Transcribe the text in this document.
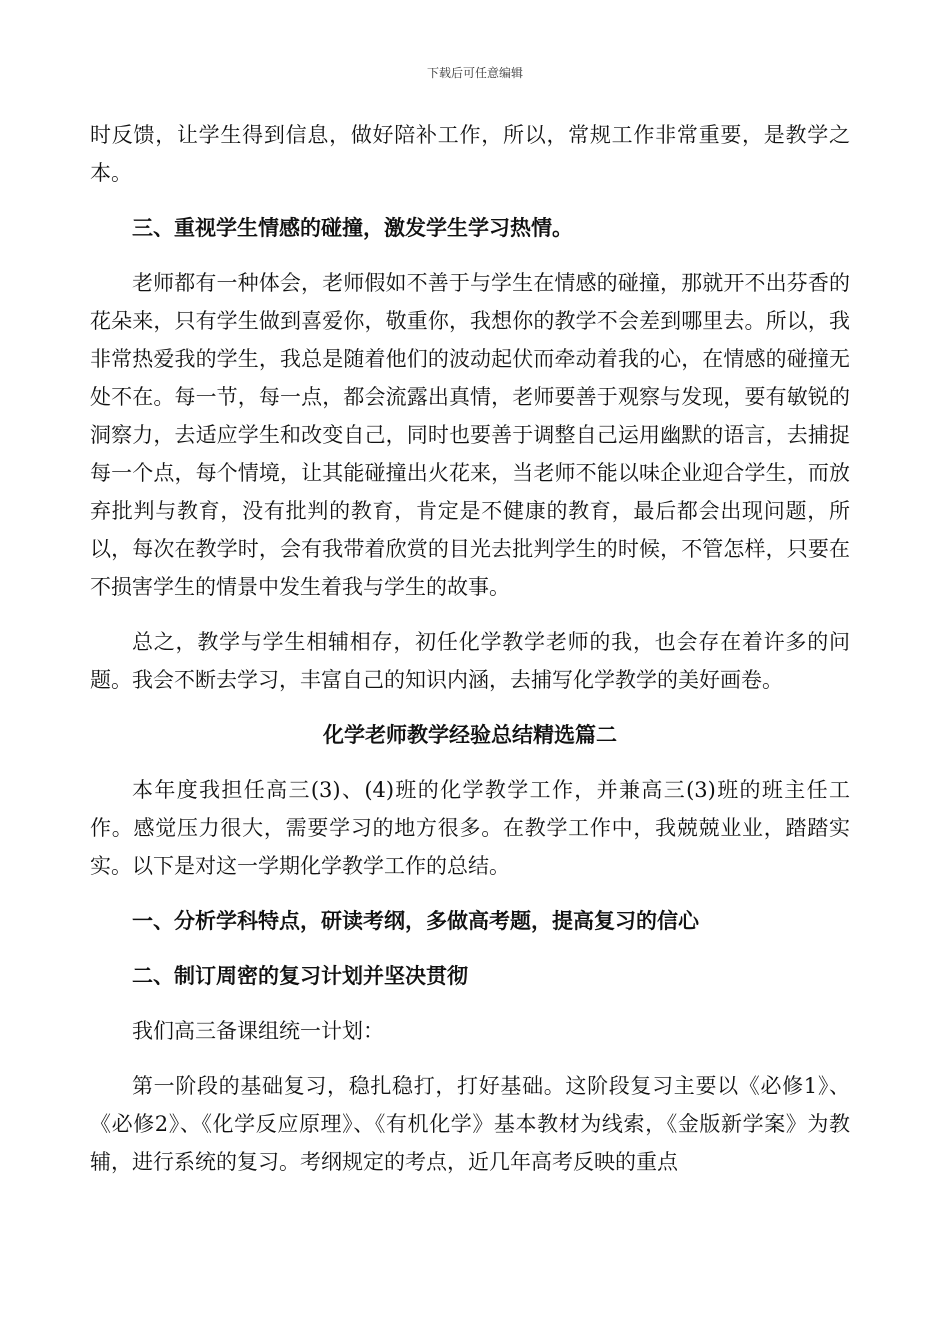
下载后可任意编辑

时反馈，让学生得到信息，做好陪补工作，所以，常规工作非常重要，是教学之本。

三、重视学生情感的碰撞，激发学生学习热情。

老师都有一种体会，老师假如不善于与学生在情感的碰撞，那就开不出芬香的花朵来，只有学生做到喜爱你，敬重你，我想你的教学不会差到哪里去。所以，我非常热爱我的学生，我总是随着他们的波动起伏而牵动着我的心，在情感的碰撞无处不在。每一节，每一点，都会流露出真情，老师要善于观察与发现，要有敏锐的洞察力，去适应学生和改变自己，同时也要善于调整自己运用幽默的语言，去捕捉每一个点，每个情境，让其能碰撞出火花来，当老师不能以味企业迎合学生，而放弃批判与教育，没有批判的教育，肯定是不健康的教育，最后都会出现问题，所以，每次在教学时，会有我带着欣赏的目光去批判学生的时候，不管怎样，只要在不损害学生的情景中发生着我与学生的故事。

总之，教学与学生相辅相存，初任化学教学老师的我，也会存在着许多的问题。我会不断去学习，丰富自己的知识内涵，去捕写化学教学的美好画卷。

化学老师教学经验总结精选篇二

本年度我担任高三(3)、(4)班的化学教学工作，并兼高三(3)班的班主任工作。感觉压力很大，需要学习的地方很多。在教学工作中，我兢兢业业，踏踏实实。以下是对这一学期化学教学工作的总结。

一、分析学科特点，研读考纲，多做高考题，提高复习的信心

二、制订周密的复习计划并坚决贯彻

我们高三备课组统一计划：

第一阶段的基础复习，稳扎稳打，打好基础。这阶段复习主要以《必修1》、《必修2》、《化学反应原理》、《有机化学》基本教材为线索，《金版新学案》为教辅，进行系统的复习。考纲规定的考点，近几年高考反映的重点
